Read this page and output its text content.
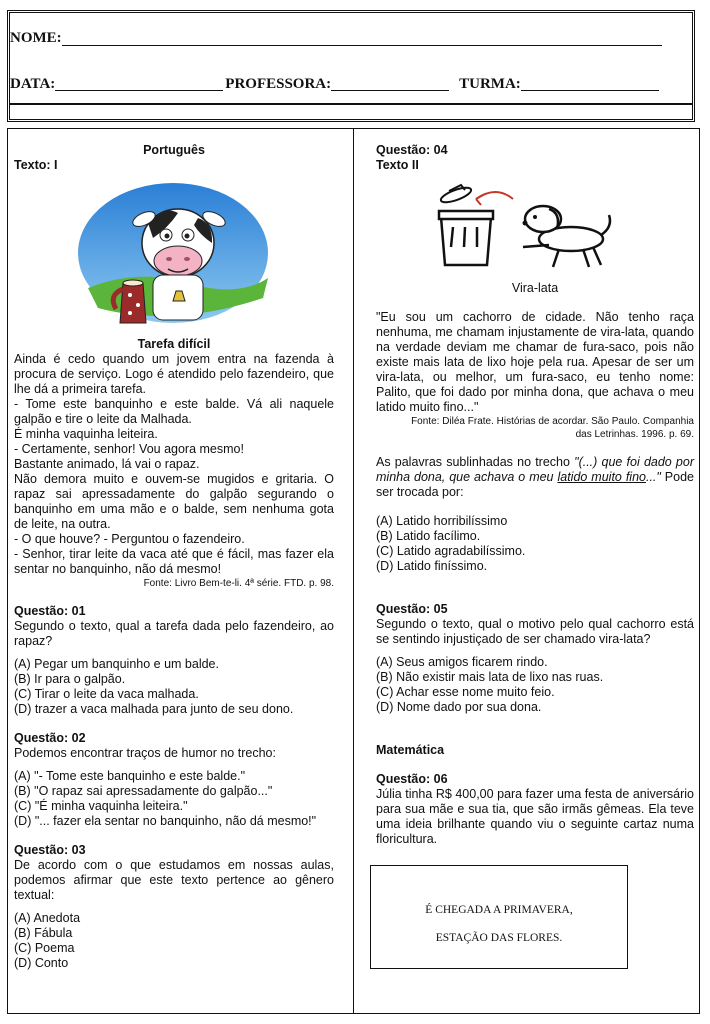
NOME:
DATA:	PROFESSORA:	TURMA:

Português

Texto: I

Tarefa difícil

Ainda é cedo quando um jovem entra na fazenda à procura de serviço. Logo é atendido pelo fazendeiro, que lhe dá a primeira tarefa.

- Tome este banquinho e este balde. Vá ali naquele galpão e tire o leite da Malhada.

É minha vaquinha leiteira.

- Certamente, senhor! Vou agora mesmo!

Bastante animado, lá vai o rapaz.

Não demora muito e ouvem-se mugidos e gritaria. O rapaz sai apressadamente do galpão segurando o banquinho em uma mão e o balde, sem nenhuma gota de leite, na outra.

- O que houve? - Perguntou o fazendeiro.

- Senhor, tirar leite da vaca até que é fácil, mas fazer ela sentar no banquinho, não dá mesmo!

Fonte: Livro Bem-te-li. 4ª série. FTD. p. 98.

Questão: 01

Segundo o texto, qual a tarefa dada pelo fazendeiro, ao rapaz?

(A) Pegar um banquinho e um balde.

(B) Ir para o galpão.

(C) Tirar o leite da vaca malhada.

(D) trazer a vaca malhada para junto de seu dono.

Questão: 02

Podemos encontrar traços de humor no trecho:

(A) "- Tome este banquinho e este balde."

(B) "O rapaz sai apressadamente do galpão..."

(C) "É minha vaquinha leiteira."

(D) "... fazer ela sentar no banquinho, não dá mesmo!"

Questão: 03

De acordo com o que estudamos em nossas aulas, podemos afirmar que este texto pertence ao gênero textual:

(A) Anedota

(B) Fábula

(C) Poema

(D) Conto

Questão: 04

Texto II

Vira-lata

"Eu sou um cachorro de cidade. Não tenho raça nenhuma, me chamam injustamente de vira-lata, quando na verdade deviam me chamar de fura-saco, pois não existe mais lata de lixo hoje pela rua. Apesar de ser um vira-lata, ou melhor, um fura-saco, eu tenho nome: Palito, que foi dado por minha dona, que achava o meu latido muito fino..."

Fonte: Diléa Frate. Histórias de acordar. São Paulo. Companhia das Letrinhas. 1996. p. 69.

As palavras sublinhadas no trecho "(...) que foi dado por minha dona, que achava o meu latido muito fino..." Pode ser trocada por:

(A) Latido horribilíssimo

(B) Latido facílimo.

(C) Latido agradabilíssimo.

(D) Latido finíssimo.

Questão: 05

Segundo o texto, qual o motivo pelo qual cachorro está se sentindo injustiçado de ser chamado vira-lata?

(A) Seus amigos ficarem rindo.

(B) Não existir mais lata de lixo nas ruas.

(C) Achar esse nome muito feio.

(D) Nome dado por sua dona.

Matemática

Questão: 06

Júlia tinha R$ 400,00 para fazer uma festa de aniversário para sua mãe e sua tia, que são irmãs gêmeas. Ela teve uma ideia brilhante quando viu o seguinte cartaz numa floricultura.

É CHEGADA A PRIMAVERA,
ESTAÇÃO DAS FLORES.
